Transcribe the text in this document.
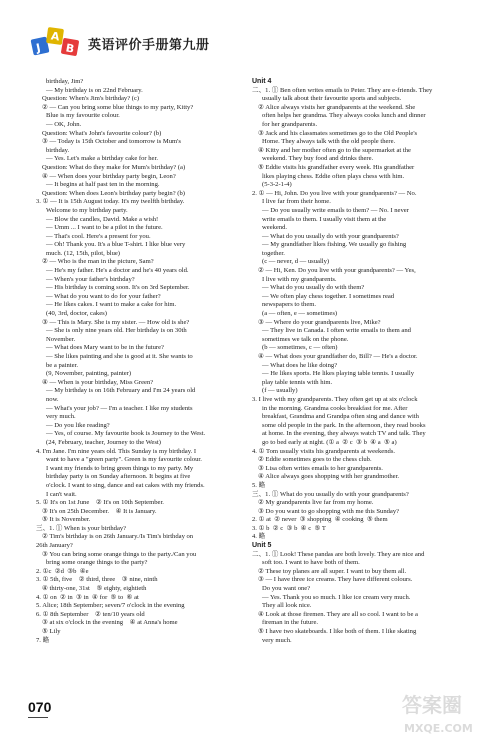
J
A
B 英语评价手册第九册
birthday, Jim?
— My birthday is on 22nd February.
Question: When's Jim's birthday? (c)
② — Can you bring some blue things to my party, Kitty?
Blue is my favourite colour.
— OK, John.
Question: What's John's favourite colour? (b)
③ — Today is 15th October and tomorrow is Mum's
birthday.
— Yes. Let's make a birthday cake for her.
Question: What do they make for Mum's birthday? (a)
④ — When does your birthday party begin, Leon?
— It begins at half past ten in the morning.
Question: When does Leon's birthday party begin? (b)
3. ① — It is 15th August today. It's my twelfth birthday.
Welcome to my birthday party.
— Blow the candles, David. Make a wish!
— Umm ... I want to be a pilot in the future.
— That's cool. Here's a present for you.
— Oh! Thank you. It's a blue T-shirt. I like blue very
much. (12, 15th, pilot, blue)
② — Who is the man in the picture, Sam?
— He's my father. He's a doctor and he's 40 years old.
— When's your father's birthday?
— His birthday is coming soon. It's on 3rd September.
— What do you want to do for your father?
— He likes cakes. I want to make a cake for him.
(40, 3rd, doctor, cakes)
③ — This is Mary. She is my sister. — How old is she?
— She is only nine years old. Her birthday is on 30th
November.
— What does Mary want to be in the future?
— She likes painting and she is good at it. She wants to
be a painter.
(9, November, painting, painter)
④ — When is your birthday, Miss Green?
— My birthday is on 16th February and I'm 24 years old
now.
— What's your job? — I'm a teacher. I like my students
very much.
— Do you like reading?
— Yes, of course. My favourite book is Journey to the West.
(24, February, teacher, Journey to the West)
4. I'm Jane. I'm nine years old. This Sunday is my birthday. I
want to have a "green party". Green is my favourite colour.
I want my friends to bring green things to my party. My
birthday party is on Sunday afternoon. It begins at five
o'clock. I want to sing, dance and eat cakes with my friends.
I can't wait.
5. ① It's on 1st June    ② It's on 10th September.
③ It's on 25th December.    ④ It is January.
⑤ It is November.
三、1. ① When is your birthday?
② Tim's birthday is on 26th January./Is Tim's birthday on
26th January?
③ You can bring some orange things to the party./Can you
bring some orange things to the party?
2. ①c  ②d  ③b  ④e
3. ① 5th, five    ② third, three    ③ nine, ninth
④ thirty-one, 31st    ⑤ eighty, eightieth
4. ① on  ② in  ③ in  ④ for  ⑤ to  ⑥ at
5. Alice; 18th September; seven/7 o'clock in the evening
6. ① 8th September    ② ten/10 years old
③ at six o'clock in the evening    ④ at Anna's home
⑤ Lily
7. 略
Unit 4
二、1. ① Ben often writes emails to Peter. They are e-friends. They
usually talk about their favourite sports and subjects.
② Alice always visits her grandparents at the weekend. She
often helps her grandma. They always cooks lunch and dinner
for her grandparents.
③ Jack and his classmates sometimes go to the Old People's
Home. They always talk with the old people there.
④ Kitty and her mother often go to the supermarket at the
weekend. They buy food and drinks there.
⑤ Eddie visits his grandfather every week. His grandfather
likes playing chess. Eddie often plays chess with him.
(5-3-2-1-4)
2. ① — Hi, John. Do you live with your grandparents? — No.
I live far from their home.
— Do you usually write emails to them? — No. I never
write emails to them. I usually visit them at the
weekend.
— What do you usually do with your grandparents?
— My grandfather likes fishing. We usually go fishing
together.
(c — never, d — usually)
② — Hi, Ken. Do you live with your grandparents? — Yes,
I live with my grandparents.
— What do you usually do with them?
— We often play chess together. I sometimes read
newspapers to them.
(a — often, e — sometimes)
③ — Where do your grandparents live, Mike?
— They live in Canada. I often write emails to them and
sometimes we talk on the phone.
(b — sometimes, c — often)
④ — What does your grandfather do, Bill? — He's a doctor.
— What does he like doing?
— He likes sports. He likes playing table tennis. I usually
play table tennis with him.
(f — usually)
3. I live with my grandparents. They often get up at six o'clock
in the morning. Grandma cooks breakfast for me. After
breakfast, Grandma and Grandpa often sing and dance with
some old people in the park. In the afternoon, they read books
at home. In the evening, they always watch TV and talk. They
go to bed early at night. (① a  ② c  ③ b  ④ a  ⑤ a)
4. ① Tom usually visits his grandparents at weekends.
② Eddie sometimes goes to the chess club.
③ Lisa often writes emails to her grandparents.
④ Alice always goes shopping with her grandmother.
5. 略
三、1. ① What do you usually do with your grandparents?
② My grandparents live far from my home.
③ Do you want to go shopping with me this Sunday?
2. ① at  ② never  ③ shopping  ④ cooking  ⑤ them
3. ① b  ② c  ③ b  ④ c  ⑤ T
4. 略
Unit 5
二、1. ① Look! These pandas are both lovely. They are nice and
soft too. I want to have both of them.
② These toy planes are all super. I want to buy them all.
③ — I have three ice creams. They have different colours.
Do you want one?
— Yes. Thank you so much. I like ice cream very much.
They all look nice.
④ Look at those firemen. They are all so cool. I want to be a
fireman in the future.
⑤ I have two skateboards. I like both of them. I like skating
very much.
070	答案圈
MXQE.COM
